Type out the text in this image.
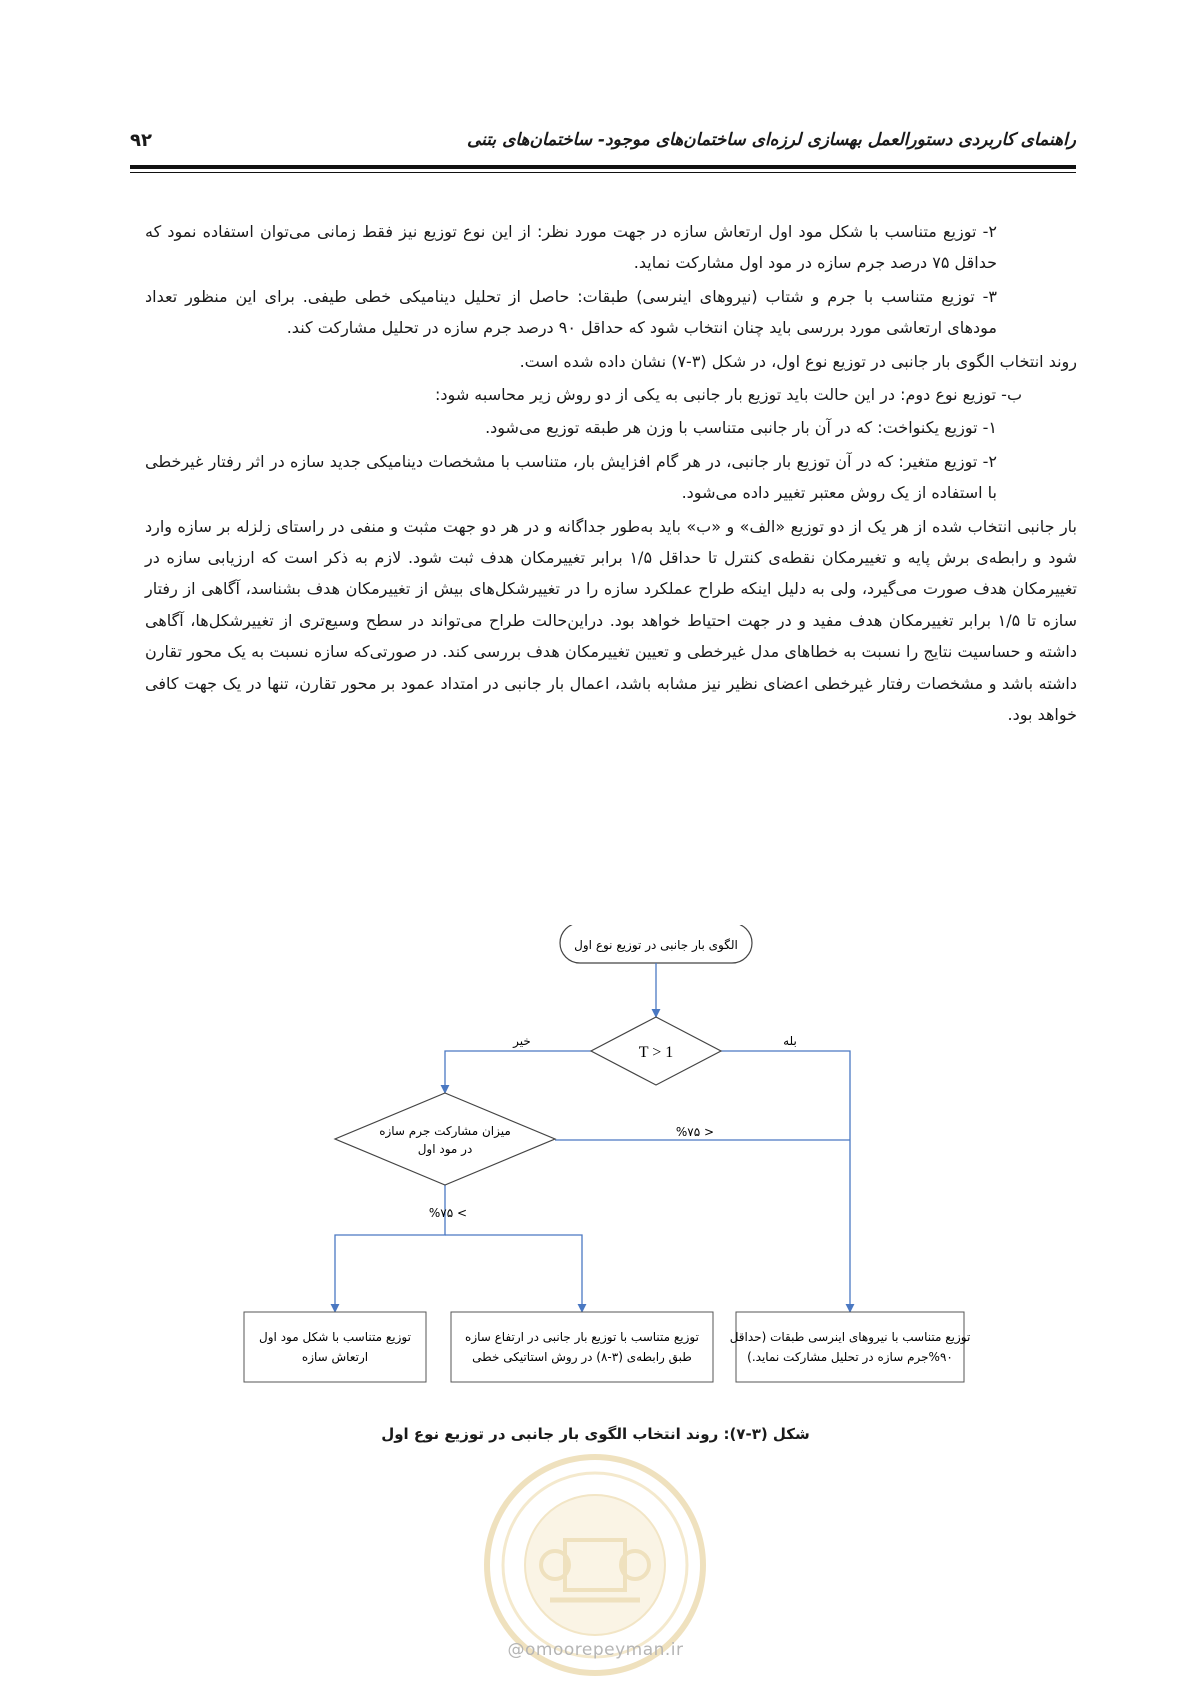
۹۲	راهنمای کاربردی دستورالعمل بهسازی لرزه‌ای ساختمان‌های موجود- ساختمان‌های بتنی

۲- توزیع متناسب با شکل مود اول ارتعاش سازه در جهت مورد نظر: از این نوع توزیع نیز فقط زمانی می‌توان استفاده نمود که حداقل ۷۵ درصد جرم سازه در مود اول مشارکت نماید.

۳- توزیع متناسب با جرم و شتاب (نیروهای اینرسی) طبقات: حاصل از تحلیل دینامیکی خطی طیفی. برای این منظور تعداد مودهای ارتعاشی مورد بررسی باید چنان انتخاب شود که حداقل ۹۰ درصد جرم سازه در تحلیل مشارکت کند.

روند انتخاب الگوی بار جانبی در توزیع نوع اول، در شکل (۳-۷) نشان داده شده است.

ب- توزیع نوع دوم: در این حالت باید توزیع بار جانبی به یکی از دو روش زیر محاسبه شود:

۱- توزیع یکنواخت: که در آن بار جانبی متناسب با وزن هر طبقه توزیع می‌شود.

۲- توزیع متغیر: که در آن توزیع بار جانبی، در هر گام افزایش بار، متناسب با مشخصات دینامیکی جدید سازه در اثر رفتار غیرخطی با استفاده از یک روش معتبر تغییر داده می‌شود.

بار جانبی انتخاب شده از هر یک از دو توزیع «الف» و «ب» باید به‌طور جداگانه و در هر دو جهت مثبت و منفی در راستای زلزله بر سازه وارد شود و رابطه‌ی برش پایه و تغییرمکان نقطه‌ی کنترل تا حداقل ۱/۵ برابر تغییرمکان هدف ثبت شود. لازم به ذکر است که ارزیابی سازه در تغییرمکان هدف صورت می‌گیرد، ولی به دلیل اینکه طراح عملکرد سازه را در تغییرشکل‌های بیش از تغییرمکان هدف بشناسد، آگاهی از رفتار سازه تا ۱/۵ برابر تغییرمکان هدف مفید و در جهت احتیاط خواهد بود. دراین‌حالت طراح می‌تواند در سطح وسیع‌تری از تغییرشکل‌ها، آگاهی داشته و حساسیت نتایج را نسبت به خطاهای مدل غیرخطی و تعیین تغییرمکان هدف بررسی کند. در صورتی‌که سازه نسبت به یک محور تقارن داشته باشد و مشخصات رفتار غیرخطی اعضای نظیر نیز مشابه باشد، اعمال بار جانبی در امتداد عمود بر محور تقارن، تنها در یک جهت کافی خواهد بود.

الگوی بار جانبی در توزیع نوع اول
T > 1
خیر	بله
میزان مشارکت جرم سازه
در مود اول
%۷۵ >
%۷۵ <
توزیع متناسب با شکل مود اول
ارتعاش سازه
توزیع متناسب با توزیع بار جانبی در ارتفاع سازه
طبق رابطه‌ی (۳-۸) در روش استاتیکی خطی
توزیع متناسب با نیروهای اینرسی طبقات (حداقل
%۹۰جرم سازه در تحلیل مشارکت نماید.)
شکل (۳-۷): روند انتخاب الگوی بار جانبی در توزیع نوع اول
@omoorepeyman.ir
